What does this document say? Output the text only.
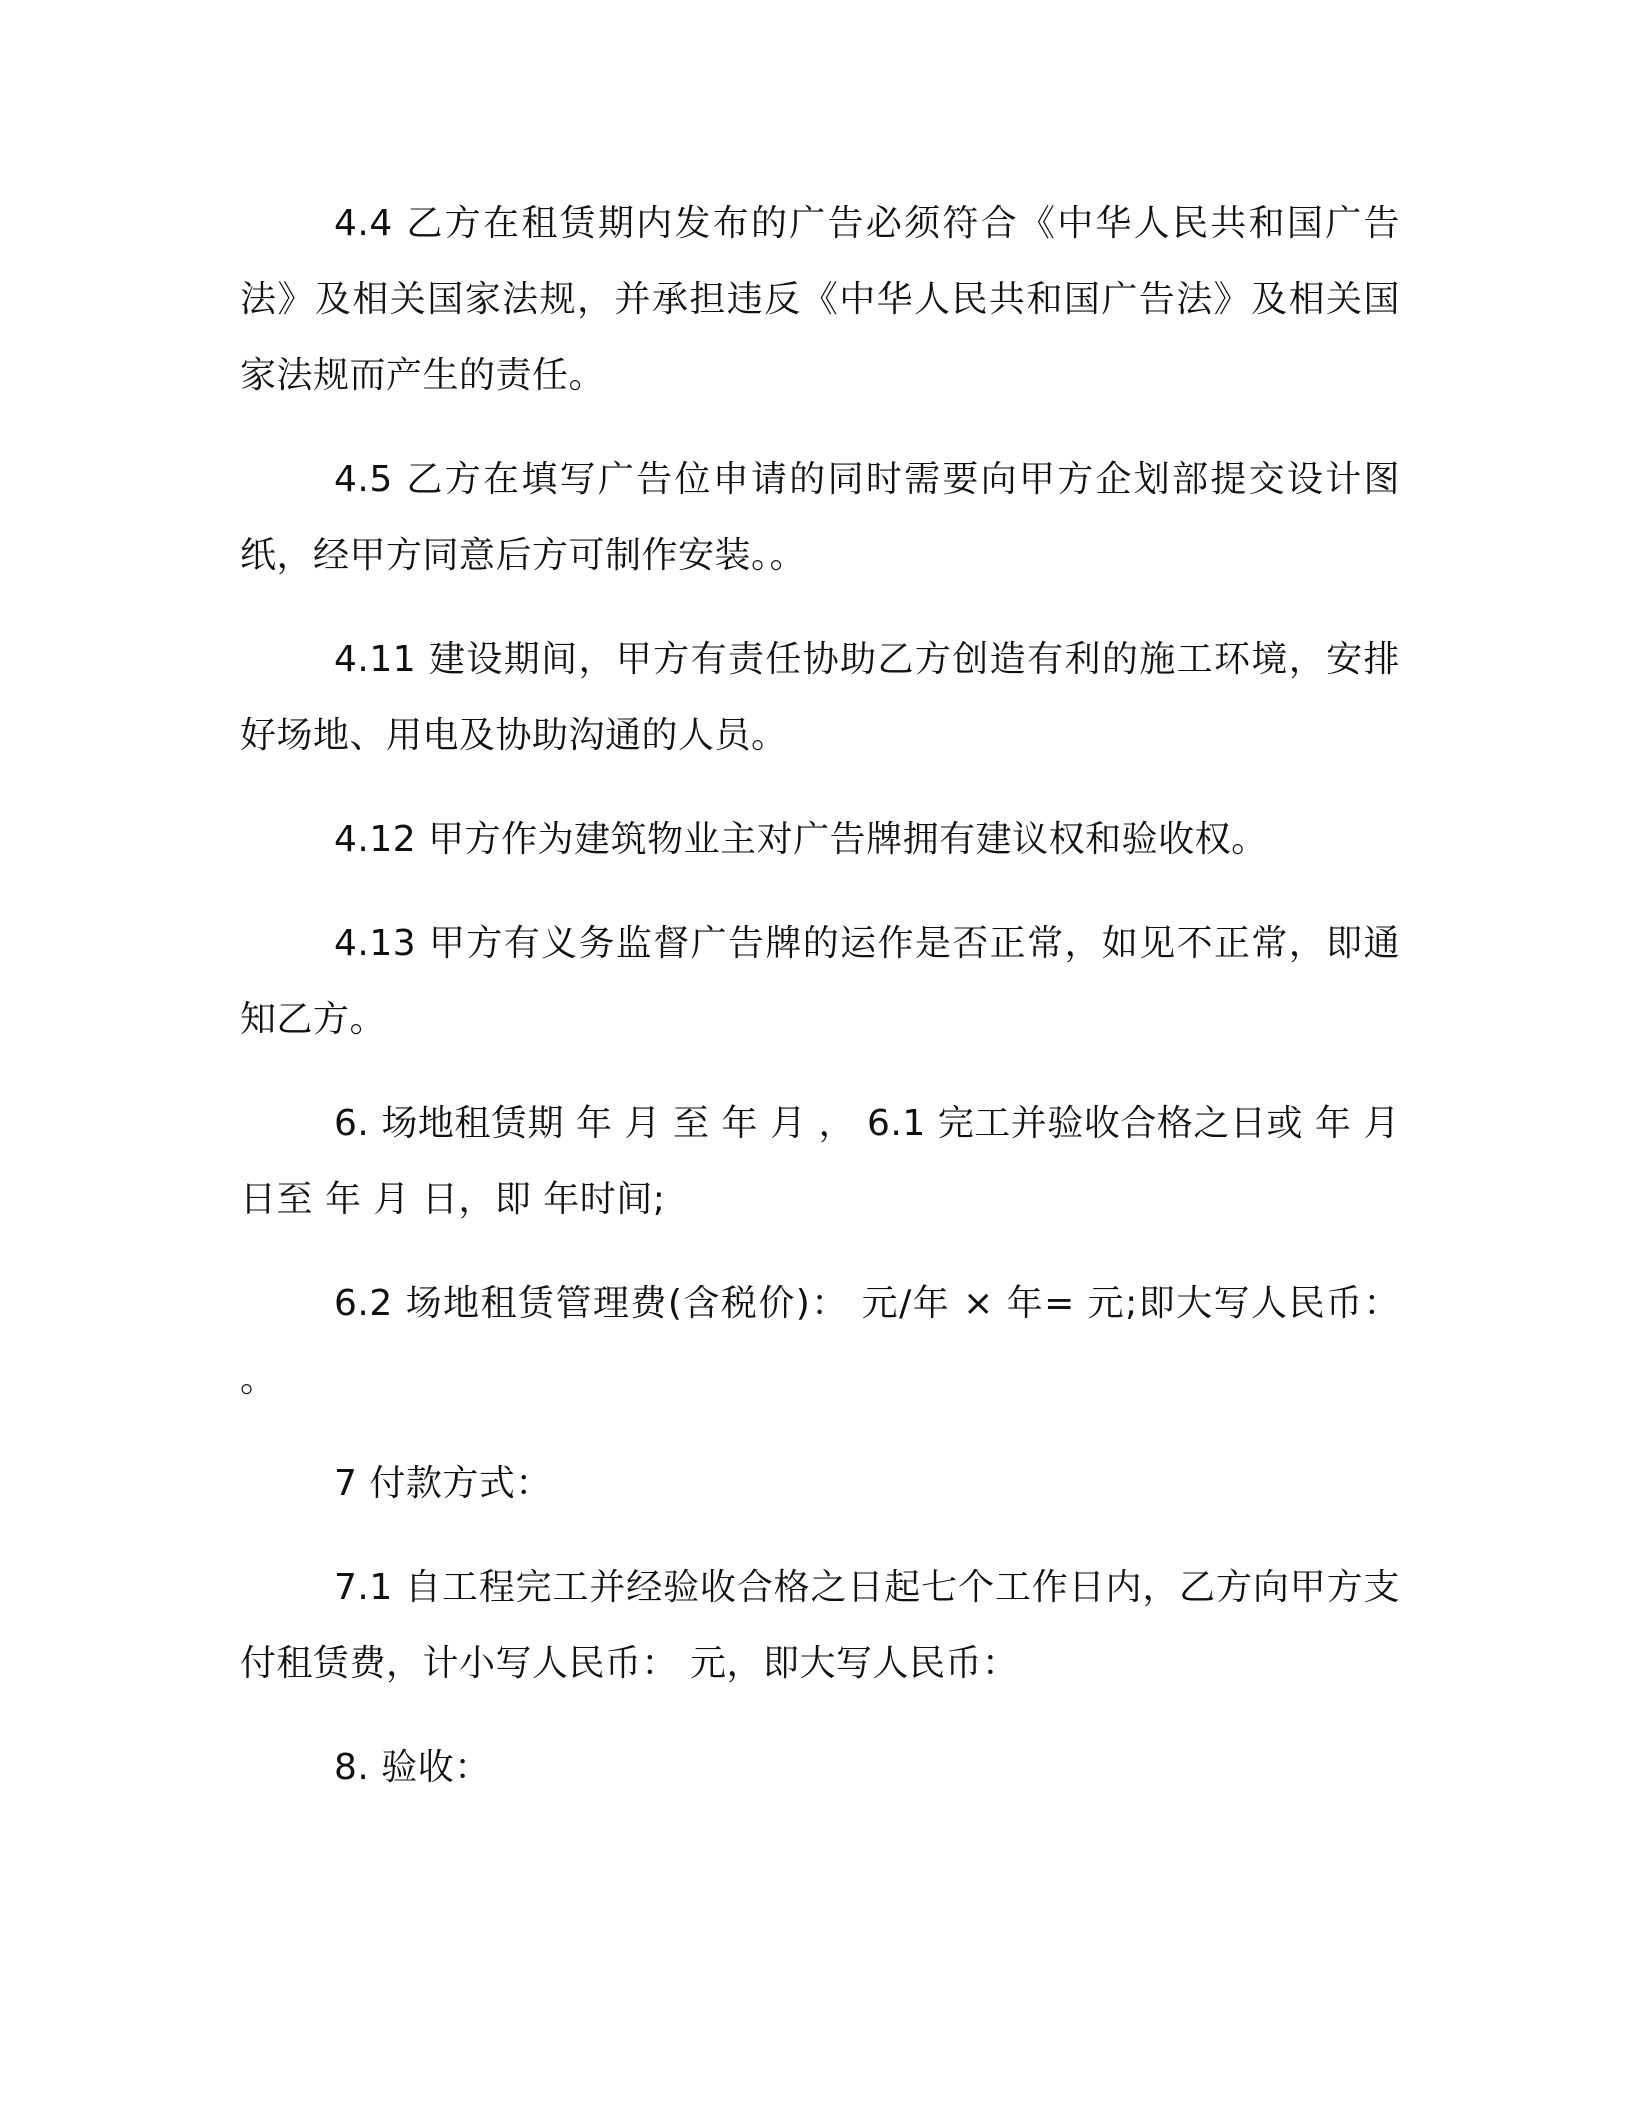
4.4 乙方在租赁期内发布的广告必须符合《中华人民共和国广告法》及相关国家法规，并承担违反《中华人民共和国广告法》及相关国家法规而产生的责任。

4.5 乙方在填写广告位申请的同时需要向甲方企划部提交设计图纸，经甲方同意后方可制作安装。。

4.11 建设期间，甲方有责任协助乙方创造有利的施工环境，安排好场地、用电及协助沟通的人员。

4.12 甲方作为建筑物业主对广告牌拥有建议权和验收权。

4.13 甲方有义务监督广告牌的运作是否正常，如见不正常，即通知乙方。

6. 场地租赁期 年 月 至 年 月 ， 6.1 完工并验收合格之日或 年 月 日至 年 月 日，即 年时间;

6.2 场地租赁管理费(含税价)： 元/年 × 年= 元;即大写人民币： 。

7 付款方式：

7.1 自工程完工并经验收合格之日起七个工作日内，乙方向甲方支付租赁费，计小写人民币： 元，即大写人民币：

8. 验收：
